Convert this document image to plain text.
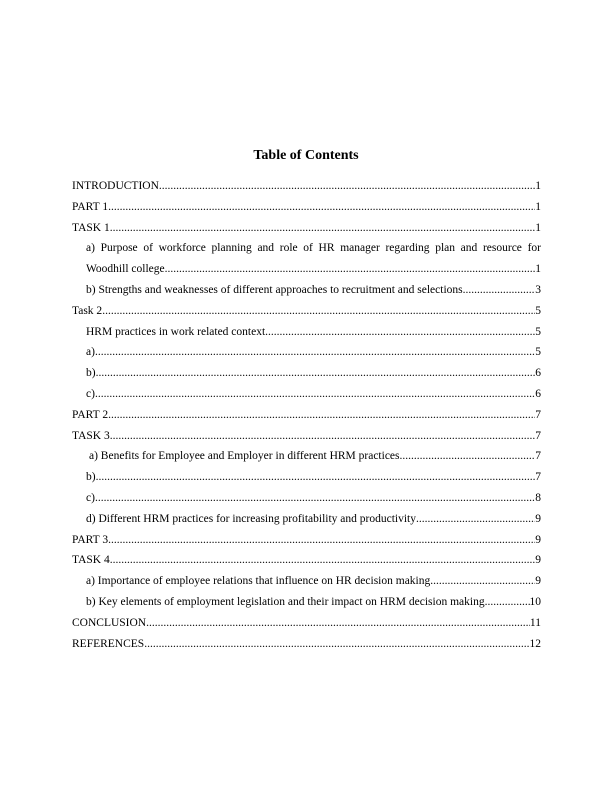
Table of Contents
INTRODUCTION .....	1
PART 1 .....	1
TASK 1 .....	1
a) Purpose of workforce planning and role of HR manager regarding plan and resource for
Woodhill college .....	1
b) Strengths and weaknesses of different approaches to recruitment and selections .....	3
Task 2 .....	5
HRM practices in work related context .....	5
a) .....	5
b) .....	6
c) .....	6
PART 2 .....	7
TASK 3 .....	7
a) Benefits for Employee and Employer in different HRM practices .....	7
b) .....	7
c) .....	8
d) Different HRM practices for increasing profitability and productivity .....	9
PART 3 .....	9
TASK 4 .....	9
a) Importance of employee relations that influence on HR decision making .....	9
b) Key elements of employment legislation and their impact on HRM decision making .....	10
CONCLUSION .....	11
REFERENCES .....	12
